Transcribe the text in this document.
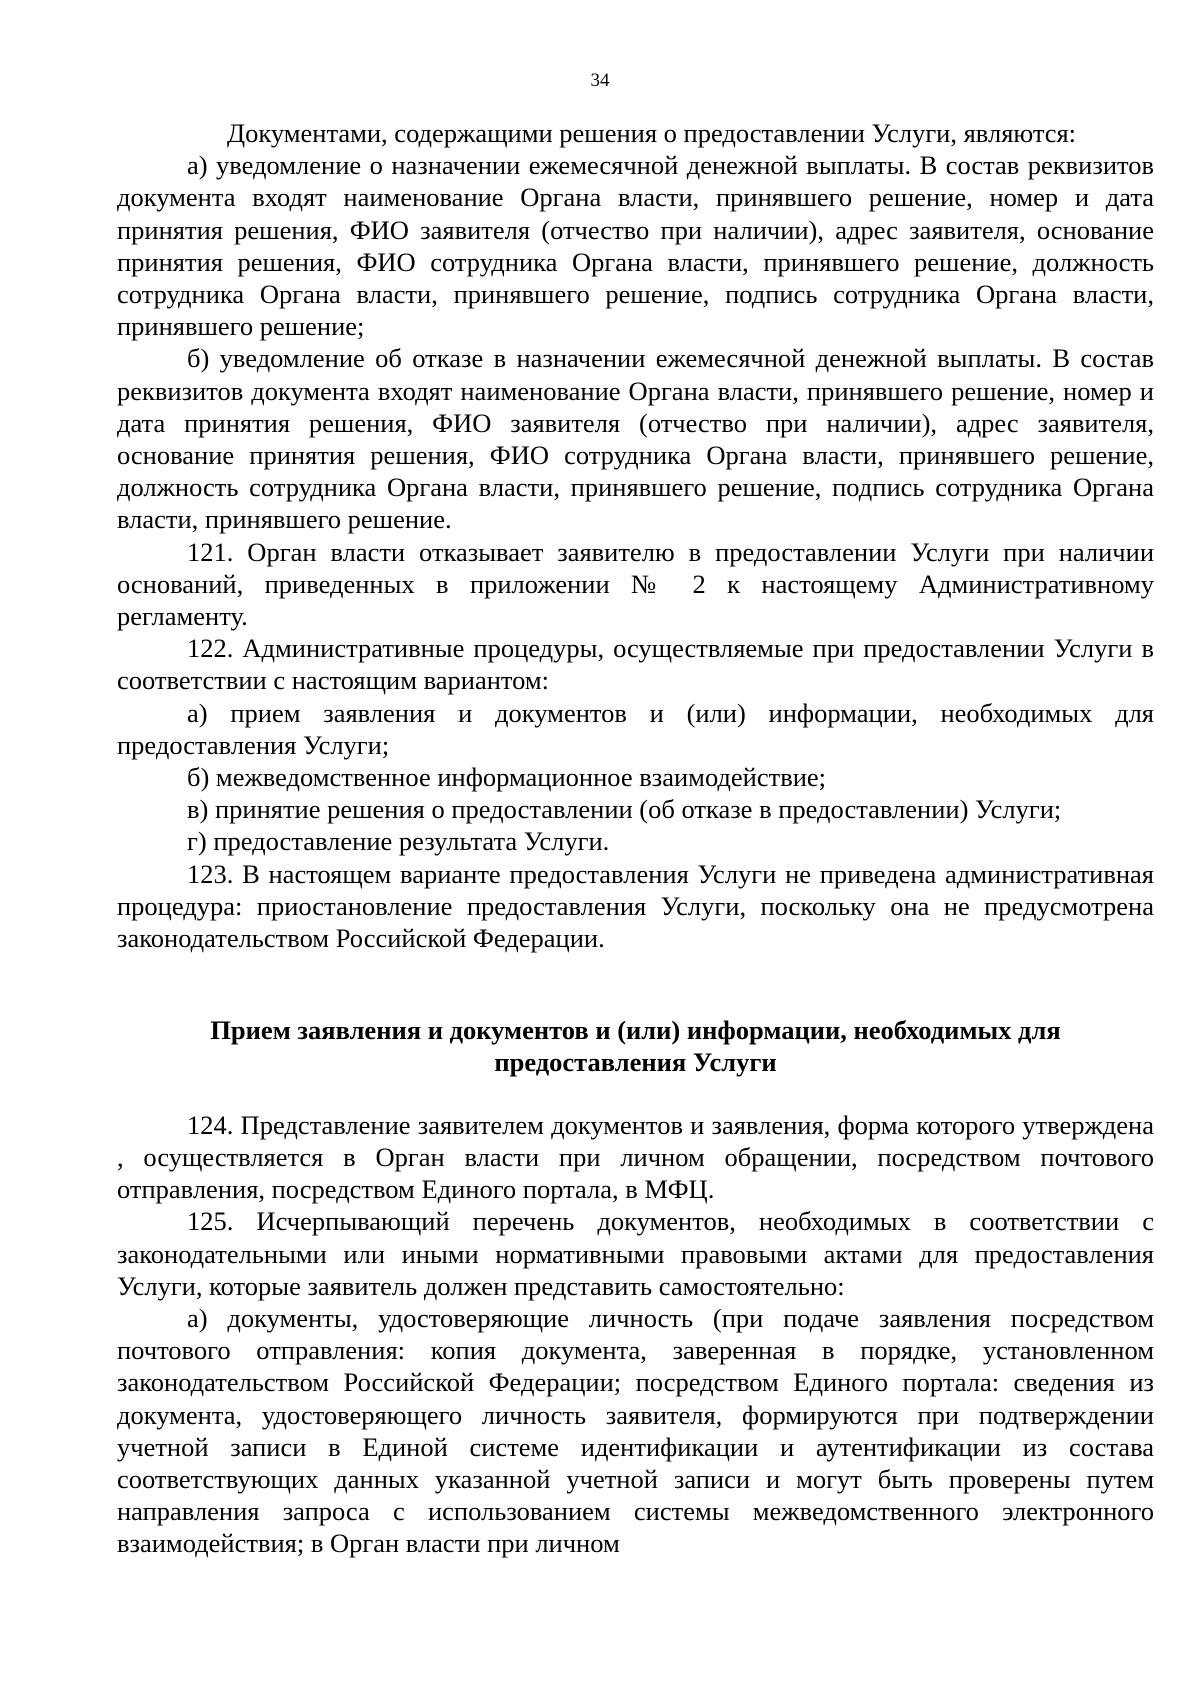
34

Документами, содержащими решения о предоставлении Услуги, являются:

а) уведомление о назначении ежемесячной денежной выплаты. В состав реквизитов документа входят наименование Органа власти, принявшего решение, номер и дата принятия решения, ФИО заявителя (отчество при наличии), адрес заявителя, основание принятия решения, ФИО сотрудника Органа власти, принявшего решение, должность сотрудника Органа власти, принявшего решение, подпись сотрудника Органа власти, принявшего решение;

б) уведомление об отказе в назначении ежемесячной денежной выплаты. В состав реквизитов документа входят наименование Органа власти, принявшего решение, номер и дата принятия решения, ФИО заявителя (отчество при наличии), адрес заявителя, основание принятия решения, ФИО сотрудника Органа власти, принявшего решение, должность сотрудника Органа власти, принявшего решение, подпись сотрудника Органа власти, принявшего решение.

121. Орган власти отказывает заявителю в предоставлении Услуги при наличии оснований, приведенных в приложении № 2 к настоящему Административному регламенту.

122. Административные процедуры, осуществляемые при предоставлении Услуги в соответствии с настоящим вариантом:

а) прием заявления и документов и (или) информации, необходимых для предоставления Услуги;

б) межведомственное информационное взаимодействие;

в) принятие решения о предоставлении (об отказе в предоставлении) Услуги;

г) предоставление результата Услуги.

123. В настоящем варианте предоставления Услуги не приведена административная процедура: приостановление предоставления Услуги, поскольку она не предусмотрена законодательством Российской Федерации.

Прием заявления и документов и (или) информации, необходимых для предоставления Услуги

124. Представление заявителем документов и заявления, форма которого утверждена , осуществляется в Орган власти при личном обращении, посредством почтового отправления, посредством Единого портала, в МФЦ.

125. Исчерпывающий перечень документов, необходимых в соответствии с законодательными или иными нормативными правовыми актами для предоставления Услуги, которые заявитель должен представить самостоятельно:

а) документы, удостоверяющие личность (при подаче заявления посредством почтового отправления: копия документа, заверенная в порядке, установленном законодательством Российской Федерации; посредством Единого портала: сведения из документа, удостоверяющего личность заявителя, формируются при подтверждении учетной записи в Единой системе идентификации и аутентификации из состава соответствующих данных указанной учетной записи и могут быть проверены путем направления запроса с использованием системы межведомственного электронного взаимодействия; в Орган власти при личном
